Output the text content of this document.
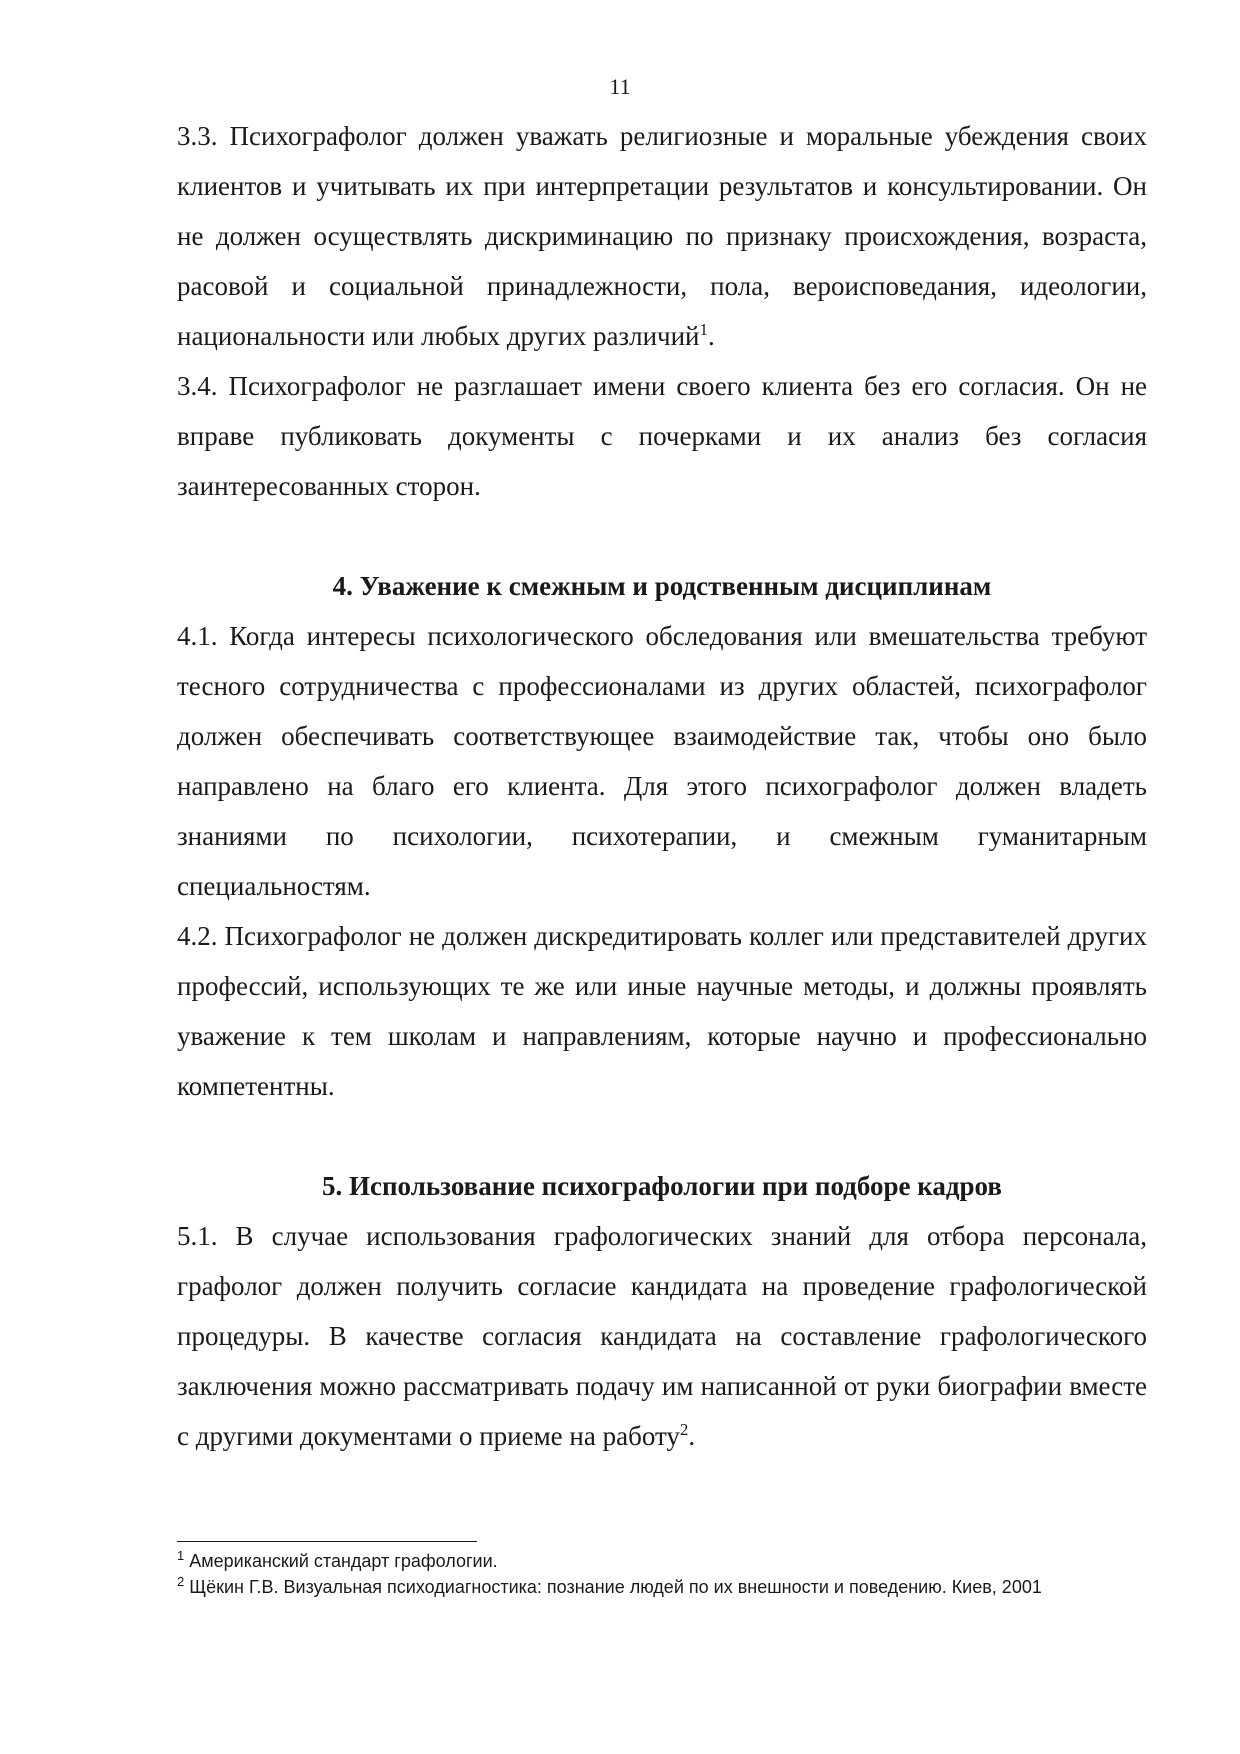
11

3.3. Психографолог должен уважать религиозные и моральные убеждения своих клиентов и учитывать их при интерпретации результатов и консультировании. Он не должен осуществлять дискриминацию по признаку происхождения, возраста, расовой и социальной принадлежности, пола, вероисповедания, идеологии, национальности или любых других различий$^1$.

3.4. Психографолог не разглашает имени своего клиента без его согласия. Он не вправе публиковать документы с почерками и их анализ без согласия заинтересованных сторон.

4. Уважение к смежным и родственным дисциплинам

4.1. Когда интересы психологического обследования или вмешательства требуют тесного сотрудничества с профессионалами из других областей, психографолог должен обеспечивать соответствующее взаимодействие так, чтобы оно было направлено на благо его клиента. Для этого психографолог должен владеть знаниями по психологии, психотерапии, и смежным гуманитарным специальностям.

4.2. Психографолог не должен дискредитировать коллег или представителей других профессий, использующих те же или иные научные методы, и должны проявлять уважение к тем школам и направлениям, которые научно и профессионально компетентны.

5. Использование психографологии при подборе кадров

5.1. В случае использования графологических знаний для отбора персонала, графолог должен получить согласие кандидата на проведение графологической процедуры. В качестве согласия кандидата на составление графологического заключения можно рассматривать подачу им написанной от руки биографии вместе с другими документами о приеме на работу$^2$.

$^1$ Американский стандарт графологии.

$^2$ Щёкин Г.В. Визуальная психодиагностика: познание людей по их внешности и поведению. Киев, 2001
